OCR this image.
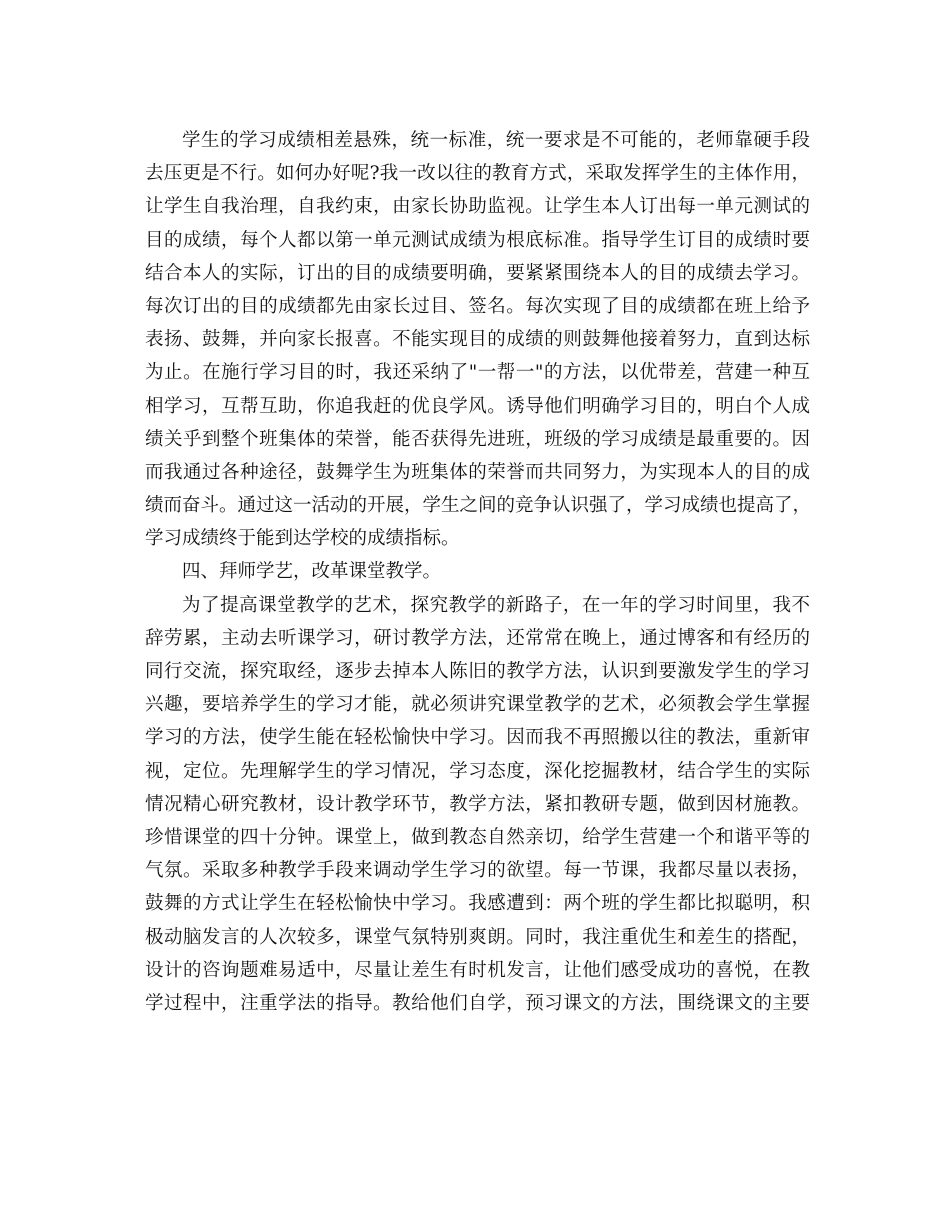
学生的学习成绩相差悬殊，统一标准，统一要求是不可能的，老师靠硬手段
去压更是不行。如何办好呢?我一改以往的教育方式，采取发挥学生的主体作用，
让学生自我治理，自我约束，由家长协助监视。让学生本人订出每一单元测试的
目的成绩，每个人都以第一单元测试成绩为根底标准。指导学生订目的成绩时要
结合本人的实际，订出的目的成绩要明确，要紧紧围绕本人的目的成绩去学习。
每次订出的目的成绩都先由家长过目、签名。每次实现了目的成绩都在班上给予
表扬、鼓舞，并向家长报喜。不能实现目的成绩的则鼓舞他接着努力，直到达标
为止。在施行学习目的时，我还采纳了"一帮一"的方法，以优带差，营建一种互
相学习，互帮互助，你追我赶的优良学风。诱导他们明确学习目的，明白个人成
绩关乎到整个班集体的荣誉，能否获得先进班，班级的学习成绩是最重要的。因
而我通过各种途径，鼓舞学生为班集体的荣誉而共同努力，为实现本人的目的成
绩而奋斗。通过这一活动的开展，学生之间的竞争认识强了，学习成绩也提高了，
学习成绩终于能到达学校的成绩指标。
四、拜师学艺，改革课堂教学。
为了提高课堂教学的艺术，探究教学的新路子，在一年的学习时间里，我不
辞劳累，主动去听课学习，研讨教学方法，还常常在晚上，通过博客和有经历的
同行交流，探究取经，逐步去掉本人陈旧的教学方法，认识到要激发学生的学习
兴趣，要培养学生的学习才能，就必须讲究课堂教学的艺术，必须教会学生掌握
学习的方法，使学生能在轻松愉快中学习。因而我不再照搬以往的教法，重新审
视，定位。先理解学生的学习情况，学习态度，深化挖掘教材，结合学生的实际
情况精心研究教材，设计教学环节，教学方法，紧扣教研专题，做到因材施教。
珍惜课堂的四十分钟。课堂上，做到教态自然亲切，给学生营建一个和谐平等的
气氛。采取多种教学手段来调动学生学习的欲望。每一节课，我都尽量以表扬，
鼓舞的方式让学生在轻松愉快中学习。我感遭到：两个班的学生都比拟聪明，积
极动脑发言的人次较多，课堂气氛特别爽朗。同时，我注重优生和差生的搭配，
设计的咨询题难易适中，尽量让差生有时机发言，让他们感受成功的喜悦，在教
学过程中，注重学法的指导。教给他们自学，预习课文的方法，围绕课文的主要
